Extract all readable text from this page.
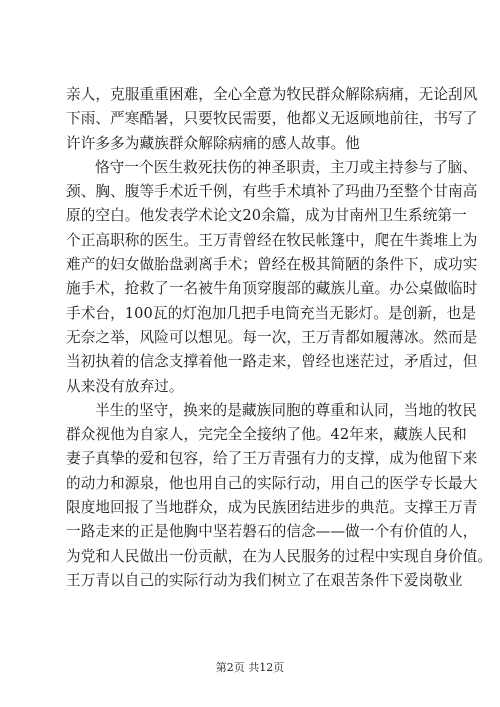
亲人，克服重重困难，全心全意为牧民群众解除病痛，无论刮风
下雨、严寒酷暑，只要牧民需要，他都义无返顾地前往，书写了
许许多多为藏族群众解除病痛的感人故事。他
恪守一个医生救死扶伤的神圣职责，主刀或主持参与了脑、
颈、胸、腹等手术近千例，有些手术填补了玛曲乃至整个甘南高
原的空白。他发表学术论文20余篇，成为甘南州卫生系统第一
个正高职称的医生。王万青曾经在牧民帐篷中，爬在牛粪堆上为
难产的妇女做胎盘剥离手术；曾经在极其简陋的条件下，成功实
施手术，抢救了一名被牛角顶穿腹部的藏族儿童。办公桌做临时
手术台，100瓦的灯泡加几把手电筒充当无影灯。是创新，也是
无奈之举，风险可以想见。每一次，王万青都如履薄冰。然而是
当初执着的信念支撑着他一路走来，曾经也迷茫过，矛盾过，但
从来没有放弃过。
半生的坚守，换来的是藏族同胞的尊重和认同，当地的牧民
群众视他为自家人，完完全全接纳了他。42年来，藏族人民和
妻子真挚的爱和包容，给了王万青强有力的支撑，成为他留下来
的动力和源泉，他也用自己的实际行动，用自己的医学专长最大
限度地回报了当地群众，成为民族团结进步的典范。支撑王万青
一路走来的正是他胸中坚若磐石的信念——做一个有价值的人，
为党和人民做出一份贡献，在为人民服务的过程中实现自身价值。
王万青以自己的实际行动为我们树立了在艰苦条件下爱岗敬业
第2页 共12页
